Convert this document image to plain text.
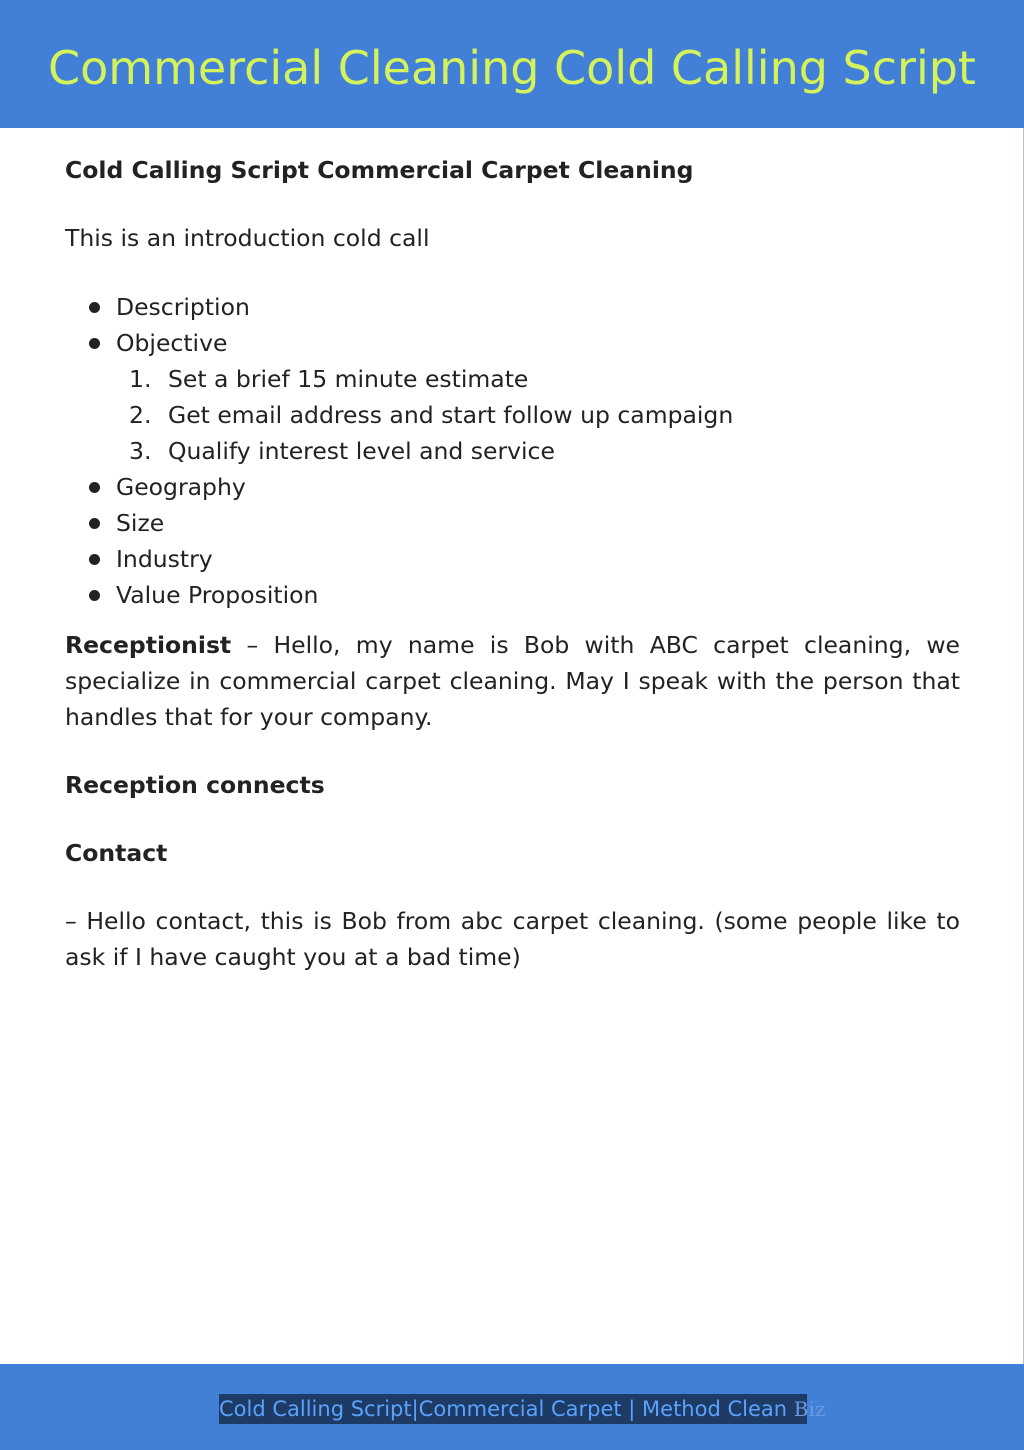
Commercial Cleaning Cold Calling Script

Cold Calling Script Commercial Carpet Cleaning

This is an introduction cold call

Description
Objective
1. Set a brief 15 minute estimate
2. Get email address and start follow up campaign
3. Qualify interest level and service
Geography
Size
Industry
Value Proposition

Receptionist – Hello, my name is Bob with ABC carpet cleaning, we specialize in commercial carpet cleaning. May I speak with the person that handles that for your company.

Reception connects

Contact

– Hello contact, this is Bob from abc carpet cleaning. (some people like to ask if I have caught you at a bad time)

Cold Calling Script|Commercial Carpet | Method Clean Biz
